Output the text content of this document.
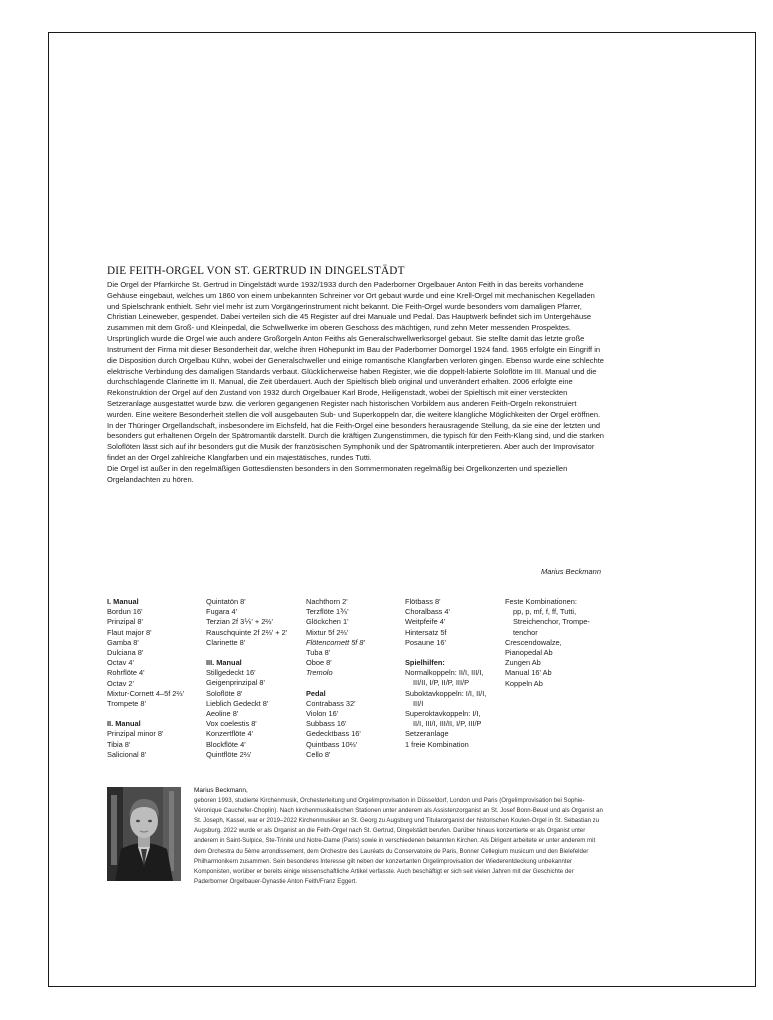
DIE FEITH-ORGEL VON ST. GERTRUD IN DINGELSTÄDT

Die Orgel der Pfarrkirche St. Gertrud in Dingelstädt wurde 1932/1933 durch den Paderborner Orgelbauer Anton Feith in das bereits vorhandene Gehäuse eingebaut, welches um 1860 von einem unbekannten Schreiner vor Ort gebaut wurde und eine Krell-Orgel mit mechanischen Kegelladen und Spielschrank enthielt. Sehr viel mehr ist zum Vorgängerinstrument nicht bekannt. Die Feith-Orgel wurde besonders vom damaligen Pfarrer, Christian Leineweber, gespendet. Dabei verteilen sich die 45 Register auf drei Manuale und Pedal. Das Hauptwerk befindet sich im Untergehäuse zusammen mit dem Groß- und Kleinpedal, die Schwellwerke im oberen Geschoss des mächtigen, rund zehn Meter messenden Prospektes. Ursprünglich wurde die Orgel wie auch andere Großorgeln Anton Feiths als Generalschwellwerksorgel gebaut. Sie stellte damit das letzte große Instrument der Firma mit dieser Besonderheit dar, welche ihren Höhepunkt im Bau der Paderborner Domorgel 1924 fand. 1965 erfolgte ein Eingriff in die Disposition durch Orgelbau Kühn, wobei der Generalschweller und einige romantische Klangfarben verloren gingen. Ebenso wurde eine schlechte elektrische Verbindung des damaligen Standards verbaut. Glücklicherweise haben Register, wie die doppelt-labierte Soloflöte im III. Manual und die durchschlagende Clarinette im II. Manual, die Zeit überdauert. Auch der Spieltisch blieb original und unverändert erhalten. 2006 erfolgte eine Rekonstruktion der Orgel auf den Zustand von 1932 durch Orgelbauer Karl Brode, Heiligenstadt, wobei der Spieltisch mit einer versteckten Setzeranlage ausgestattet wurde bzw. die verloren gegangenen Register nach historischen Vorbildern aus anderen Feith-Orgeln rekonstruiert wurden. Eine weitere Besonderheit stellen die voll ausgebauten Sub- und Superkoppeln dar, die weitere klangliche Möglichkeiten der Orgel eröffnen. In der Thüringer Orgellandschaft, insbesondere im Eichsfeld, hat die Feith-Orgel eine besonders herausragende Stellung, da sie eine der letzten und besonders gut erhaltenen Orgeln der Spätromantik darstellt. Durch die kräftigen Zungenstimmen, die typisch für den Feith-Klang sind, und die starken Soloflöten lässt sich auf ihr besonders gut die Musik der französischen Symphonik und der Spätromantik interpretieren. Aber auch der Improvisator findet an der Orgel zahlreiche Klangfarben und ein majestätisches, rundes Tutti.

Die Orgel ist außer in den regelmäßigen Gottesdiensten besonders in den Sommermonaten regelmäßig bei Orgelkonzerten und speziellen Orgelandachten zu hören.

Marius Beckmann
I. Manual
Bordun 16'
Prinzipal 8'
Flaut major 8'
Gamba 8'
Dulciana 8'
Octav 4'
Rohrflöte 4'
Octav 2'
Mixtur-Cornett 4–5f 2⅔'
Trompete 8'
II. Manual
Prinzipal minor 8'
Tibia 8'
Salicional 8'
Quintatön 8'
Fugara 4'
Terzian 2f 3⅕' + 2⅔'
Rauschquinte 2f 2⅔' + 2'
Clarinette 8'
III. Manual
Stillgedeckt 16'
Geigenprinzipal 8'
Soloflöte 8'
Lieblich Gedeckt 8'
Aeoline 8'
Vox coelestis 8'
Konzertflöte 4'
Blockflöte 4'
Quintflöte 2⅔'
Nachthorn 2'
Terzflöte 1⅗'
Glöckchen 1'
Mixtur 5f 2⅔'
Flötencornett 5f 8'
Tuba 8'
Oboe 8'
Tremolo
Pedal
Contrabass 32'
Violon 16'
Subbass 16'
Gedecktbass 16'
Quintbass 10⅔'
Cello 8'
Flötbass 8'
Choralbass 4'
Weitpfeife 4'
Hintersatz 5f
Posaune 16'
Spielhilfen:
Normalkoppeln: II/I, III/I,
III/II, I/P, II/P, III/P
Suboktavkoppeln: I/I, II/I,
III/I
Superoktavkoppeln: I/I,
II/I, III/I, III/II, I/P, III/P
Setzeranlage
1 freie Kombination
Feste Kombinationen:
pp, p, mf, f, ff, Tutti,
Streichenchor, Trompe-
tenchor
Crescendowalze,
Pianopedal Ab
Zungen Ab
Manual 16' Ab
Koppeln Ab
Marius Beckmann,
geboren 1993, studierte Kirchenmusik, Orchesterleitung und Orgelimprovisation in Düsseldorf, London und Paris (Orgelimprovisation bei Sophie-Véronique Cauchefer-Choplin). Nach kirchenmusikalischen Stationen unter anderem als Assistenzorganist an St. Josef Bonn-Beuel und als Organist an St. Joseph, Kassel, war er 2019–2022 Kirchenmusiker an St. Georg zu Augsburg und Titularorganist der historischen Koulen-Orgel in St. Sebastian zu Augsburg. 2022 wurde er als Organist an die Feith-Orgel nach St. Gertrud, Dingelstädt berufen. Darüber hinaus konzertierte er als Organist unter anderem in Saint-Sulpice, Ste-Trinité und Notre-Dame (Paris) sowie in verschiedenen bekannten Kirchen. Als Dirigent arbeitete er unter anderem mit dem Orchestra du 5ème arrondissement, dem Orchestre des Lauréats du Conservatoire de Paris, Bonner Cellegium musicum und den Bielefelder Philharmonikern zusammen. Sein besonderes Interesse gilt neben der konzertanten Orgelimprovisation der Wiederentdeckung unbekannter Komponisten, worüber er bereits einige wissenschaftliche Artikel verfasste. Auch beschäftigt er sich seit vielen Jahren mit der Geschichte der Paderborner Orgelbauer-Dynastie Anton Feith/Franz Eggert.
